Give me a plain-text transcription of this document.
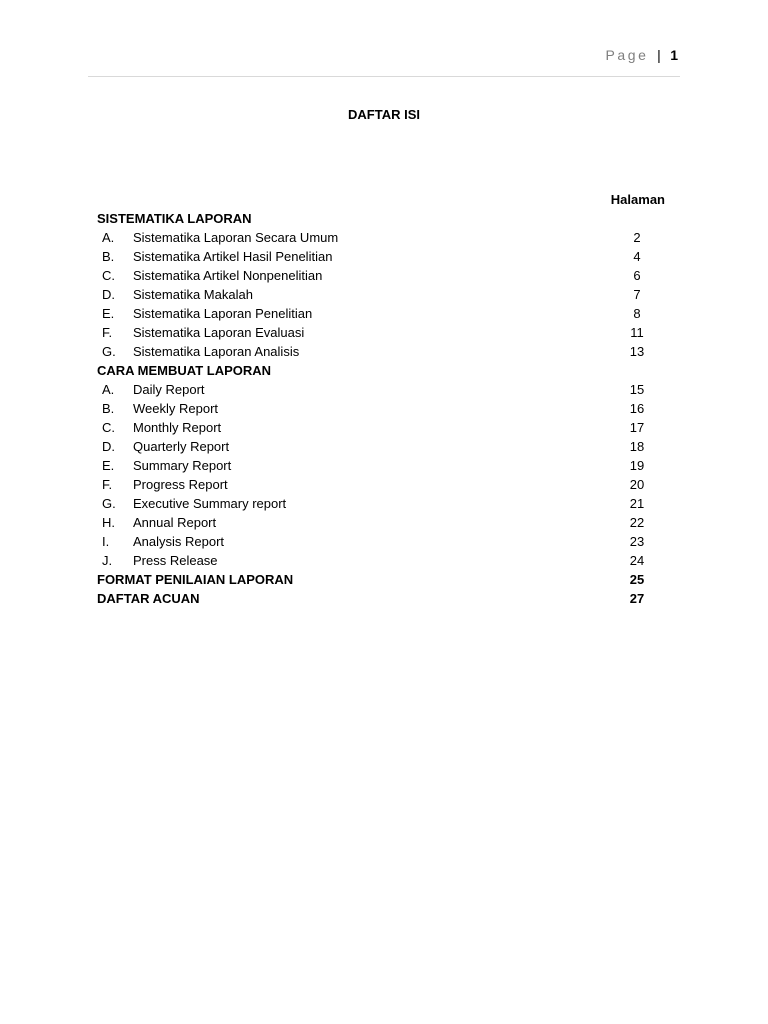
Page | 1
DAFTAR ISI
Halaman
SISTEMATIKA LAPORAN
A. Sistematika Laporan Secara Umum	2
B. Sistematika Artikel Hasil Penelitian	4
C. Sistematika Artikel Nonpenelitian	6
D. Sistematika Makalah	7
E. Sistematika Laporan Penelitian	8
F. Sistematika Laporan Evaluasi	11
G. Sistematika Laporan Analisis	13
CARA MEMBUAT LAPORAN
A. Daily Report	15
B. Weekly Report	16
C. Monthly Report	17
D. Quarterly Report	18
E. Summary Report	19
F. Progress Report	20
G. Executive Summary report	21
H. Annual Report	22
I. Analysis Report	23
J. Press Release	24
FORMAT PENILAIAN LAPORAN	25
DAFTAR ACUAN	27
